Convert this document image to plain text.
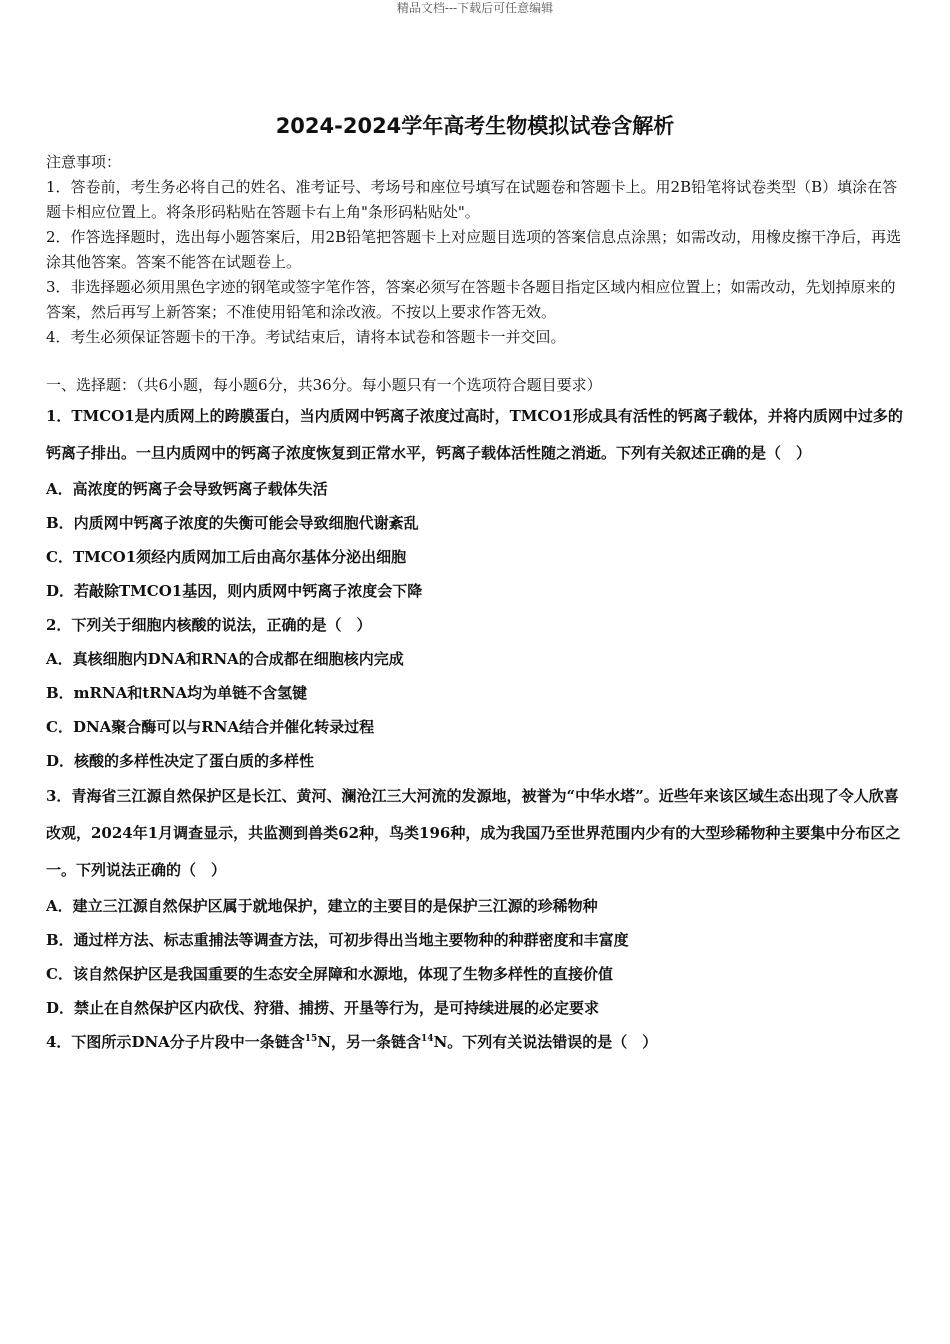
精品文档---下载后可任意编辑
2024-2024学年高考生物模拟试卷含解析

注意事项：

1．答卷前，考生务必将自己的姓名、准考证号、考场号和座位号填写在试题卷和答题卡上。用2B铅笔将试卷类型（B）填涂在答题卡相应位置上。将条形码粘贴在答题卡右上角"条形码粘贴处"。

2．作答选择题时，选出每小题答案后，用2B铅笔把答题卡上对应题目选项的答案信息点涂黑；如需改动，用橡皮擦干净后，再选涂其他答案。答案不能答在试题卷上。

3．非选择题必须用黑色字迹的钢笔或签字笔作答，答案必须写在答题卡各题目指定区域内相应位置上；如需改动，先划掉原来的答案，然后再写上新答案；不准使用铅笔和涂改液。不按以上要求作答无效。

4．考生必须保证答题卡的干净。考试结束后，请将本试卷和答题卡一并交回。

一、选择题：（共6小题，每小题6分，共36分。每小题只有一个选项符合题目要求）

1．TMCO1是内质网上的跨膜蛋白，当内质网中钙离子浓度过高时，TMCO1形成具有活性的钙离子载体，并将内质网中过多的钙离子排出。一旦内质网中的钙离子浓度恢复到正常水平，钙离子载体活性随之消逝。下列有关叙述正确的是（　）

A．高浓度的钙离子会导致钙离子载体失活

B．内质网中钙离子浓度的失衡可能会导致细胞代谢紊乱

C．TMCO1须经内质网加工后由高尔基体分泌出细胞

D．若敲除TMCO1基因，则内质网中钙离子浓度会下降

2．下列关于细胞内核酸的说法，正确的是（　）

A．真核细胞内DNA和RNA的合成都在细胞核内完成

B．mRNA和tRNA均为单链不含氢键

C．DNA聚合酶可以与RNA结合并催化转录过程

D．核酸的多样性决定了蛋白质的多样性

3．青海省三江源自然保护区是长江、黄河、澜沧江三大河流的发源地，被誉为“中华水塔”。近些年来该区域生态出现了令人欣喜改观，2024年1月调查显示，共监测到兽类62种，鸟类196种，成为我国乃至世界范围内少有的大型珍稀物种主要集中分布区之一。下列说法正确的（　）

A．建立三江源自然保护区属于就地保护，建立的主要目的是保护三江源的珍稀物种

B．通过样方法、标志重捕法等调查方法，可初步得出当地主要物种的种群密度和丰富度

C．该自然保护区是我国重要的生态安全屏障和水源地，体现了生物多样性的直接价值

D．禁止在自然保护区内砍伐、狩猎、捕捞、开垦等行为，是可持续进展的必定要求

4．下图所示DNA分子片段中一条链含$^{15}$N，另一条链含$^{14}$N。下列有关说法错误的是（　）
